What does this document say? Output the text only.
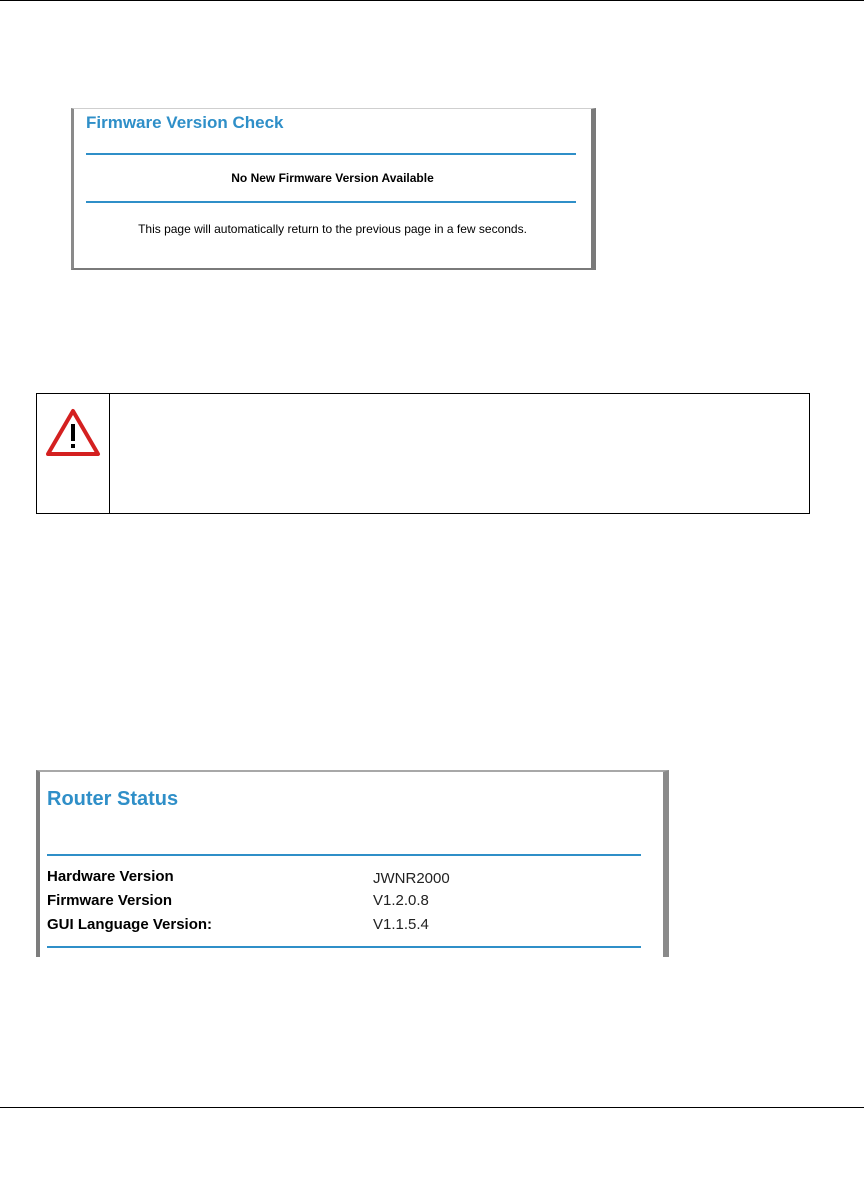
Firmware Version Check
No New Firmware Version Available
This page will automatically return to the previous page in a few seconds.
Router Status
Hardware Version	JWNR2000
Firmware Version	V1.2.0.8
GUI Language Version:	V1.1.5.4
